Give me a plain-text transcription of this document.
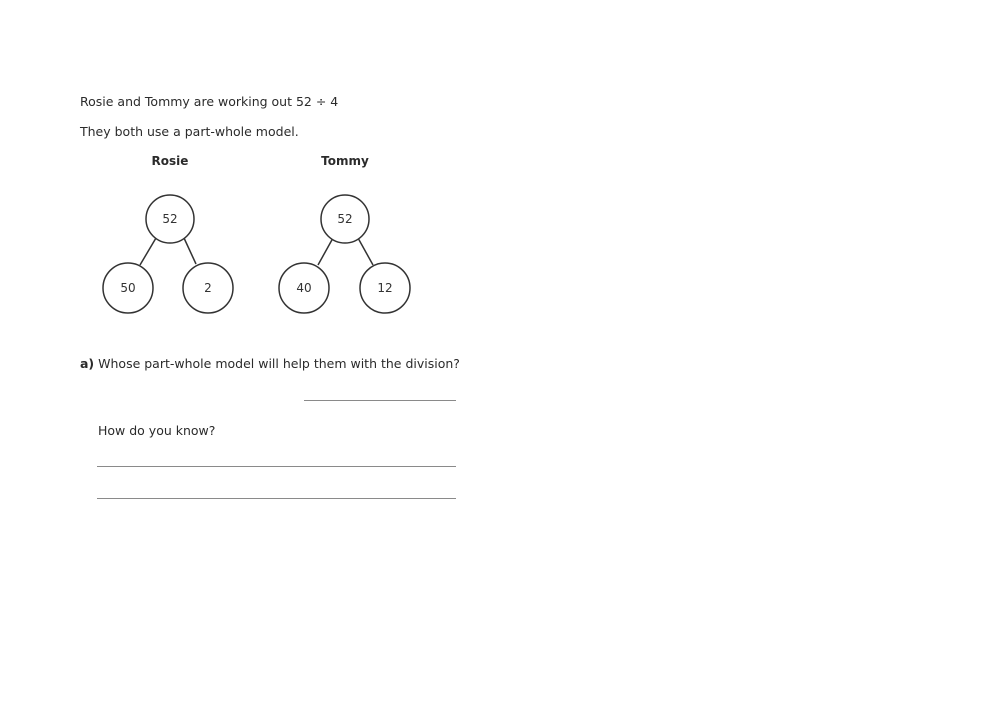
Rosie and Tommy are working out 52 ÷ 4
They both use a part-whole model.
Rosie	Tommy
52
50	2
52
40	12
a) Whose part-whole model will help them with the division?
How do you know?
